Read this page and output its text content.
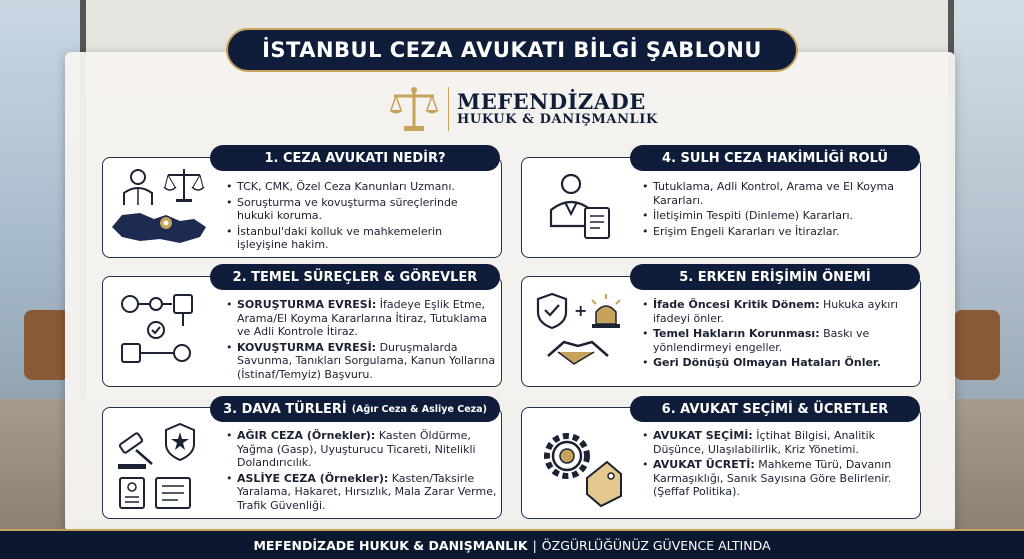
İSTANBUL CEZA AVUKATI BİLGİ ŞABLONU
MEFENDİZADE
HUKUK & DANIŞMANLIK
1. CEZA AVUKATI NEDİR?
• TCK, CMK, Özel Ceza Kanunları Uzmanı.
• Soruşturma ve kovuşturma süreçlerinde hukuki koruma.
• İstanbul'daki kolluk ve mahkemelerin işleyişine hakim.
4. SULH CEZA HAKİMLİĞİ ROLÜ
• Tutuklama, Adli Kontrol, Arama ve El Koyma Kararları.
• İletişimin Tespiti (Dinleme) Kararları.
• Erişim Engeli Kararları ve İtirazlar.
2. TEMEL SÜREÇLER & GÖREVLER
• SORUŞTURMA EVRESİ: İfadeye Eşlik Etme, Arama/El Koyma Kararlarına İtiraz, Tutuklama ve Adli Kontrole İtiraz.
• KOVUŞTURMA EVRESİ: Duruşmalarda Savunma, Tanıkları Sorgulama, Kanun Yollarına (İstinaf/Temyiz) Başvuru.
5. ERKEN ERİŞİMİN ÖNEMİ
+
•	İfade Öncesi Kritik Dönem: Hukuka aykırı ifadeyi önler.
• Temel Hakların Korunması: Baskı ve yönlendirmeyi engeller.
• Geri Dönüşü Olmayan Hataları Önler.
3. DAVA TÜRLERİ (Ağır Ceza & Asliye Ceza)
• AĞIR CEZA (Örnekler): Kasten Öldürme, Yağma (Gasp), Uyuşturucu Ticareti, Nitelikli Dolandırıcılık.
• ASLİYE CEZA (Örnekler): Kasten/Taksirle Yaralama, Hakaret, Hırsızlık, Mala Zarar Verme, Trafik Güvenliği.
6. AVUKAT SEÇİMİ & ÜCRETLER
• AVUKAT SEÇİMİ: İçtihat Bilgisi, Analitik Düşünce, Ulaşılabilirlik, Kriz Yönetimi.
• AVUKAT ÜCRETİ: Mahkeme Türü, Davanın Karmaşıklığı, Sanık Sayısına Göre Belirlenir. (Şeffaf Politika).
MEFENDİZADE HUKUK & DANIŞMANLIK | ÖZGÜRLÜĞÜNÜZ GÜVENCE ALTINDA
